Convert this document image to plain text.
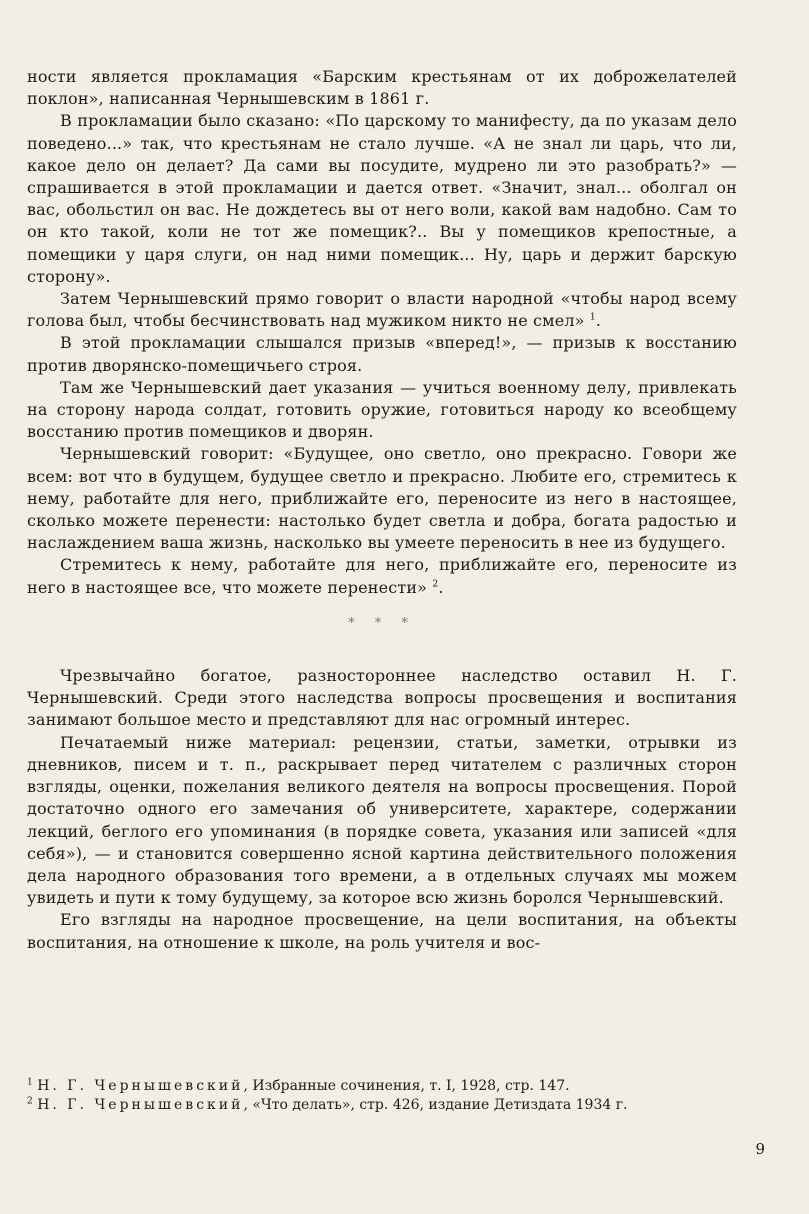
ности является прокламация «Барским крестьянам от их доброжелателей поклон», написанная Чернышевским в 1861 г.

В прокламации было сказано: «По царскому то манифесту, да по указам дело поведено...» так, что крестьянам не стало лучше. «А не знал ли царь, что ли, какое дело он делает? Да сами вы посудите, мудрено ли это разобрать?» — спрашивается в этой прокламации и дается ответ. «Значит, знал... оболгал он вас, обольстил он вас. Не дождетесь вы от него воли, какой вам надобно. Сам то он кто такой, коли не тот же помещик?.. Вы у помещиков крепостные, а помещики у царя слуги, он над ними помещик... Ну, царь и держит барскую сторону».

Затем Чернышевский прямо говорит о власти народной «чтобы народ всему голова был, чтобы бесчинствовать над мужиком никто не смел» $^1$.

В этой прокламации слышался призыв «вперед!», — призыв к восстанию против дворянско-помещичьего строя.

Там же Чернышевский дает указания — учиться военному делу, привлекать на сторону народа солдат, готовить оружие, готовиться народу ко всеобщему восстанию против помещиков и дворян.

Чернышевский говорит: «Будущее, оно светло, оно прекрасно. Говори же всем: вот что в будущем, будущее светло и прекрасно. Любите его, стремитесь к нему, работайте для него, приближайте его, переносите из него в настоящее, сколько можете перенести: настолько будет светла и добра, богата радостью и наслаждением ваша жизнь, насколько вы умеете переносить в нее из будущего.

Стремитесь к нему, работайте для него, приближайте его, переносите из него в настоящее все, что можете перенести» $^2$.

* * *

Чрезвычайно богатое, разностороннее наследство оставил Н. Г. Чернышевский. Среди этого наследства вопросы просвещения и воспитания занимают большое место и представляют для нас огромный интерес.

Печатаемый ниже материал: рецензии, статьи, заметки, отрывки из дневников, писем и т. п., раскрывает перед читателем с различных сторон взгляды, оценки, пожелания великого деятеля на вопросы просвещения. Порой достаточно одного его замечания об университете, характере, содержании лекций, беглого его упоминания (в порядке совета, указания или записей «для себя»), — и становится совершенно ясной картина действительного положения дела народного образования того времени, а в отдельных случаях мы можем увидеть и пути к тому будущему, за которое всю жизнь боролся Чернышевский.

Его взгляды на народное просвещение, на цели воспитания, на объекты воспитания, на отношение к школе, на роль учителя и вос-

$^1$ Н. Г. Чернышевский, Избранные сочинения, т. I, 1928, стр. 147.

$^2$ Н. Г. Чернышевский, «Что делать», стр. 426, издание Детиздата 1934 г.

9
